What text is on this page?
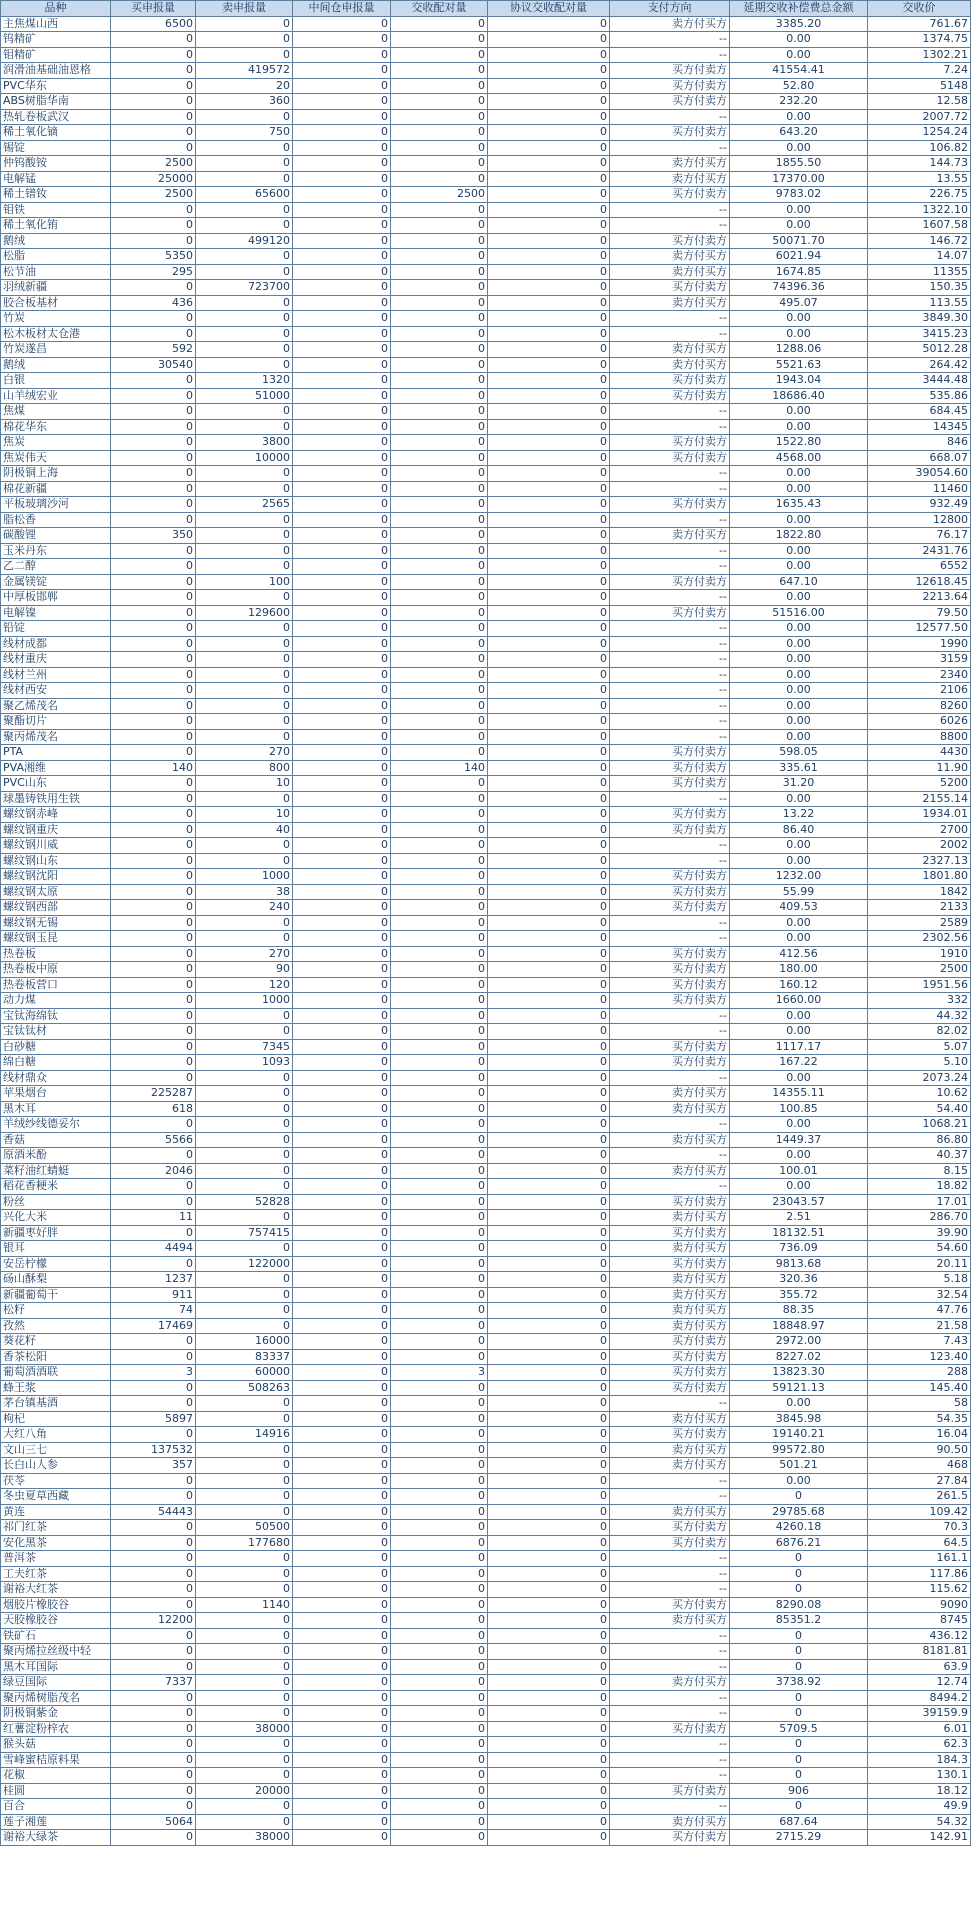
品种	买申报量	卖申报量	中间仓申报量	交收配对量	协议交收配对量	支付方向	延期交收补偿费总金额	交收价
主焦煤山西	6500	0	0	0	0	卖方付买方	3385.20	761.67
钨精矿	0	0	0	0	0	--	0.00	1374.75
钼精矿	0	0	0	0	0	--	0.00	1302.21
润滑油基础油恩格	0	419572	0	0	0	买方付卖方	41554.41	7.24
PVC华东	0	20	0	0	0	买方付卖方	52.80	5148
ABS树脂华南	0	360	0	0	0	买方付卖方	232.20	12.58
热轧卷板武汉	0	0	0	0	0	--	0.00	2007.72
稀土氧化镝	0	750	0	0	0	买方付卖方	643.20	1254.24
锡锭	0	0	0	0	0	--	0.00	106.82
仲钨酸铵	2500	0	0	0	0	卖方付买方	1855.50	144.73
电解锰	25000	0	0	0	0	卖方付买方	17370.00	13.55
稀土镨钕	2500	65600	0	2500	0	买方付卖方	9783.02	226.75
钼铁	0	0	0	0	0	--	0.00	1322.10
稀土氧化铕	0	0	0	0	0	--	0.00	1607.58
鹅绒	0	499120	0	0	0	买方付卖方	50071.70	146.72
松脂	5350	0	0	0	0	卖方付买方	6021.94	14.07
松节油	295	0	0	0	0	卖方付买方	1674.85	11355
羽绒新疆	0	723700	0	0	0	买方付卖方	74396.36	150.35
胶合板基材	436	0	0	0	0	卖方付买方	495.07	113.55
竹炭	0	0	0	0	0	--	0.00	3849.30
松木板材太仓港	0	0	0	0	0	--	0.00	3415.23
竹炭遂昌	592	0	0	0	0	卖方付买方	1288.06	5012.28
鹅绒	30540	0	0	0	0	卖方付买方	5521.63	264.42
白银	0	1320	0	0	0	买方付卖方	1943.04	3444.48
山羊绒宏业	0	51000	0	0	0	买方付卖方	18686.40	535.86
焦煤	0	0	0	0	0	--	0.00	684.45
棉花华东	0	0	0	0	0	--	0.00	14345
焦炭	0	3800	0	0	0	买方付卖方	1522.80	846
焦炭伟天	0	10000	0	0	0	买方付卖方	4568.00	668.07
阴极铜上海	0	0	0	0	0	--	0.00	39054.60
棉花新疆	0	0	0	0	0	--	0.00	11460
平板玻璃沙河	0	2565	0	0	0	买方付卖方	1635.43	932.49
脂松香	0	0	0	0	0	--	0.00	12800
碳酸锂	350	0	0	0	0	卖方付买方	1822.80	76.17
玉米丹东	0	0	0	0	0	--	0.00	2431.76
乙二醇	0	0	0	0	0	--	0.00	6552
金属镁锭	0	100	0	0	0	买方付卖方	647.10	12618.45
中厚板邯郸	0	0	0	0	0	--	0.00	2213.64
电解镍	0	129600	0	0	0	买方付卖方	51516.00	79.50
铅锭	0	0	0	0	0	--	0.00	12577.50
线材成都	0	0	0	0	0	--	0.00	1990
线材重庆	0	0	0	0	0	--	0.00	3159
线材兰州	0	0	0	0	0	--	0.00	2340
线材西安	0	0	0	0	0	--	0.00	2106
聚乙烯茂名	0	0	0	0	0	--	0.00	8260
聚酯切片	0	0	0	0	0	--	0.00	6026
聚丙烯茂名	0	0	0	0	0	--	0.00	8800
PTA	0	270	0	0	0	买方付卖方	598.05	4430
PVA湘维	140	800	0	140	0	买方付卖方	335.61	11.90
PVC山东	0	10	0	0	0	买方付卖方	31.20	5200
球墨铸铁用生铁	0	0	0	0	0	--	0.00	2155.14
螺纹钢赤峰	0	10	0	0	0	买方付卖方	13.22	1934.01
螺纹钢重庆	0	40	0	0	0	买方付卖方	86.40	2700
螺纹钢川威	0	0	0	0	0	--	0.00	2002
螺纹钢山东	0	0	0	0	0	--	0.00	2327.13
螺纹钢沈阳	0	1000	0	0	0	买方付卖方	1232.00	1801.80
螺纹钢太原	0	38	0	0	0	买方付卖方	55.99	1842
螺纹钢西部	0	240	0	0	0	买方付卖方	409.53	2133
螺纹钢无锡	0	0	0	0	0	--	0.00	2589
螺纹钢玉昆	0	0	0	0	0	--	0.00	2302.56
热卷板	0	270	0	0	0	买方付卖方	412.56	1910
热卷板中原	0	90	0	0	0	买方付卖方	180.00	2500
热卷板营口	0	120	0	0	0	买方付卖方	160.12	1951.56
动力煤	0	1000	0	0	0	买方付卖方	1660.00	332
宝钛海绵钛	0	0	0	0	0	--	0.00	44.32
宝钛钛材	0	0	0	0	0	--	0.00	82.02
白砂糖	0	7345	0	0	0	买方付卖方	1117.17	5.07
绵白糖	0	1093	0	0	0	买方付卖方	167.22	5.10
线材鼎众	0	0	0	0	0	--	0.00	2073.24
苹果烟台	225287	0	0	0	0	卖方付买方	14355.11	10.62
黑木耳	618	0	0	0	0	卖方付买方	100.85	54.40
羊绒纱线德妥尔	0	0	0	0	0	--	0.00	1068.21
香菇	5566	0	0	0	0	卖方付买方	1449.37	86.80
原酒米酚	0	0	0	0	0	--	0.00	40.37
菜籽油红蜻蜓	2046	0	0	0	0	卖方付买方	100.01	8.15
稻花香粳米	0	0	0	0	0	--	0.00	18.82
粉丝	0	52828	0	0	0	买方付卖方	23043.57	17.01
兴化大米	11	0	0	0	0	卖方付买方	2.51	286.70
新疆枣好胖	0	757415	0	0	0	买方付卖方	18132.51	39.90
银耳	4494	0	0	0	0	卖方付买方	736.09	54.60
安岳柠檬	0	122000	0	0	0	买方付卖方	9813.68	20.11
砀山酥梨	1237	0	0	0	0	卖方付买方	320.36	5.18
新疆葡萄干	911	0	0	0	0	卖方付买方	355.72	32.54
松籽	74	0	0	0	0	卖方付买方	88.35	47.76
孜然	17469	0	0	0	0	卖方付买方	18848.97	21.58
葵花籽	0	16000	0	0	0	买方付卖方	2972.00	7.43
香茶松阳	0	83337	0	0	0	买方付卖方	8227.02	123.40
葡萄酒酒联	3	60000	0	3	0	买方付卖方	13823.30	288
蜂王浆	0	508263	0	0	0	买方付卖方	59121.13	145.40
茅台镇基酒	0	0	0	0	0	--	0.00	58
枸杞	5897	0	0	0	0	卖方付买方	3845.98	54.35
大红八角	0	14916	0	0	0	买方付卖方	19140.21	16.04
文山三七	137532	0	0	0	0	卖方付买方	99572.80	90.50
长白山人参	357	0	0	0	0	卖方付买方	501.21	468
茯苓	0	0	0	0	0	--	0.00	27.84
冬虫夏草西藏	0	0	0	0	0	--	0	261.5
黄连	54443	0	0	0	0	卖方付买方	29785.68	109.42
祁门红茶	0	50500	0	0	0	买方付卖方	4260.18	70.3
安化黑茶	0	177680	0	0	0	买方付卖方	6876.21	64.5
普洱茶	0	0	0	0	0	--	0	161.1
工夫红茶	0	0	0	0	0	--	0	117.86
谢裕大红茶	0	0	0	0	0	--	0	115.62
烟胶片橡胶谷	0	1140	0	0	0	买方付卖方	8290.08	9090
天胶橡胶谷	12200	0	0	0	0	卖方付买方	85351.2	8745
铁矿石	0	0	0	0	0	--	0	436.12
聚丙烯拉丝级中轻	0	0	0	0	0	--	0	8181.81
黑木耳国际	0	0	0	0	0	--	0	63.9
绿豆国际	7337	0	0	0	0	卖方付买方	3738.92	12.74
聚丙烯树脂茂名	0	0	0	0	0	--	0	8494.2
阴极铜紫金	0	0	0	0	0	--	0	39159.9
红薯淀粉梓农	0	38000	0	0	0	买方付卖方	5709.5	6.01
猴头菇	0	0	0	0	0	--	0	62.3
雪峰蜜桔原料果	0	0	0	0	0	--	0	184.3
花椒	0	0	0	0	0	--	0	130.1
桂圆	0	20000	0	0	0	买方付卖方	906	18.12
百合	0	0	0	0	0	--	0	49.9
莲子湘莲	5064	0	0	0	0	卖方付买方	687.64	54.32
谢裕大绿茶	0	38000	0	0	0	买方付卖方	2715.29	142.91
